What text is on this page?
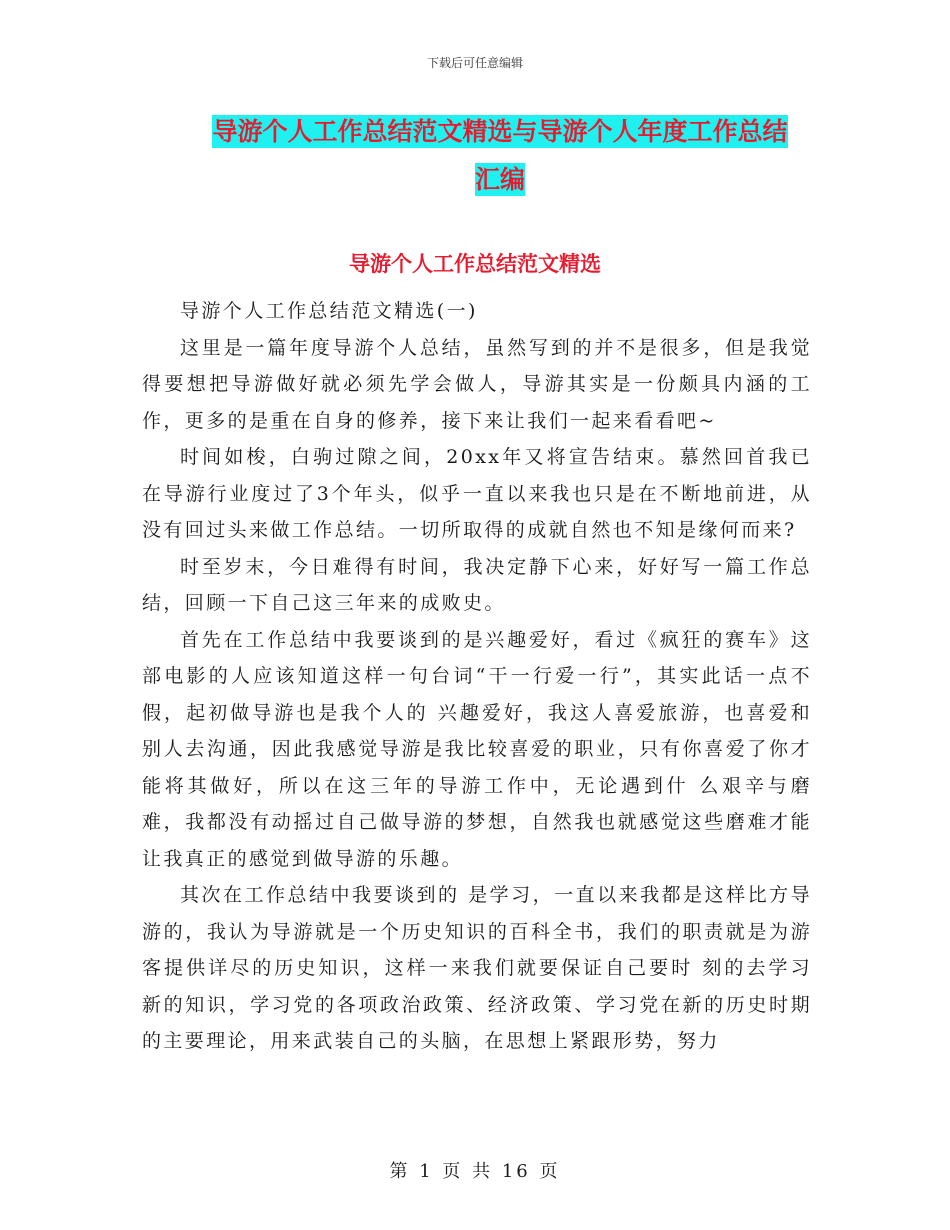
下载后可任意编辑
导游个人工作总结范文精选与导游个人年度工作总结
汇编
导游个人工作总结范文精选

导游个人工作总结范文精选(一)

这里是一篇年度导游个人总结，虽然写到的并不是很多，但是我觉得要想把导游做好就必须先学会做人，导游其实是一份颇具内涵的工作，更多的是重在自身的修养，接下来让我们一起来看看吧~

时间如梭，白驹过隙之间，20xx年又将宣告结束。慕然回首我已在导游行业度过了3个年头，似乎一直以来我也只是在不断地前进，从没有回过头来做工作总结。一切所取得的成就自然也不知是缘何而来?

时至岁末，今日难得有时间，我决定静下心来，好好写一篇工作总结，回顾一下自己这三年来的成败史。

首先在工作总结中我要谈到的是兴趣爱好，看过《疯狂的赛车》这部电影的人应该知道这样一句台词“干一行爱一行”，其实此话一点不假，起初做导游也是我个人的 兴趣爱好，我这人喜爱旅游，也喜爱和别人去沟通，因此我感觉导游是我比较喜爱的职业，只有你喜爱了你才能将其做好，所以在这三年的导游工作中，无论遇到什 么艰辛与磨难，我都没有动摇过自己做导游的梦想，自然我也就感觉这些磨难才能让我真正的感觉到做导游的乐趣。

其次在工作总结中我要谈到的 是学习，一直以来我都是这样比方导游的，我认为导游就是一个历史知识的百科全书，我们的职责就是为游客提供详尽的历史知识，这样一来我们就要保证自己要时 刻的去学习新的知识，学习党的各项政治政策、经济政策、学习党在新的历史时期的主要理论，用来武装自己的头脑，在思想上紧跟形势，努力

第 1 页 共 16 页
